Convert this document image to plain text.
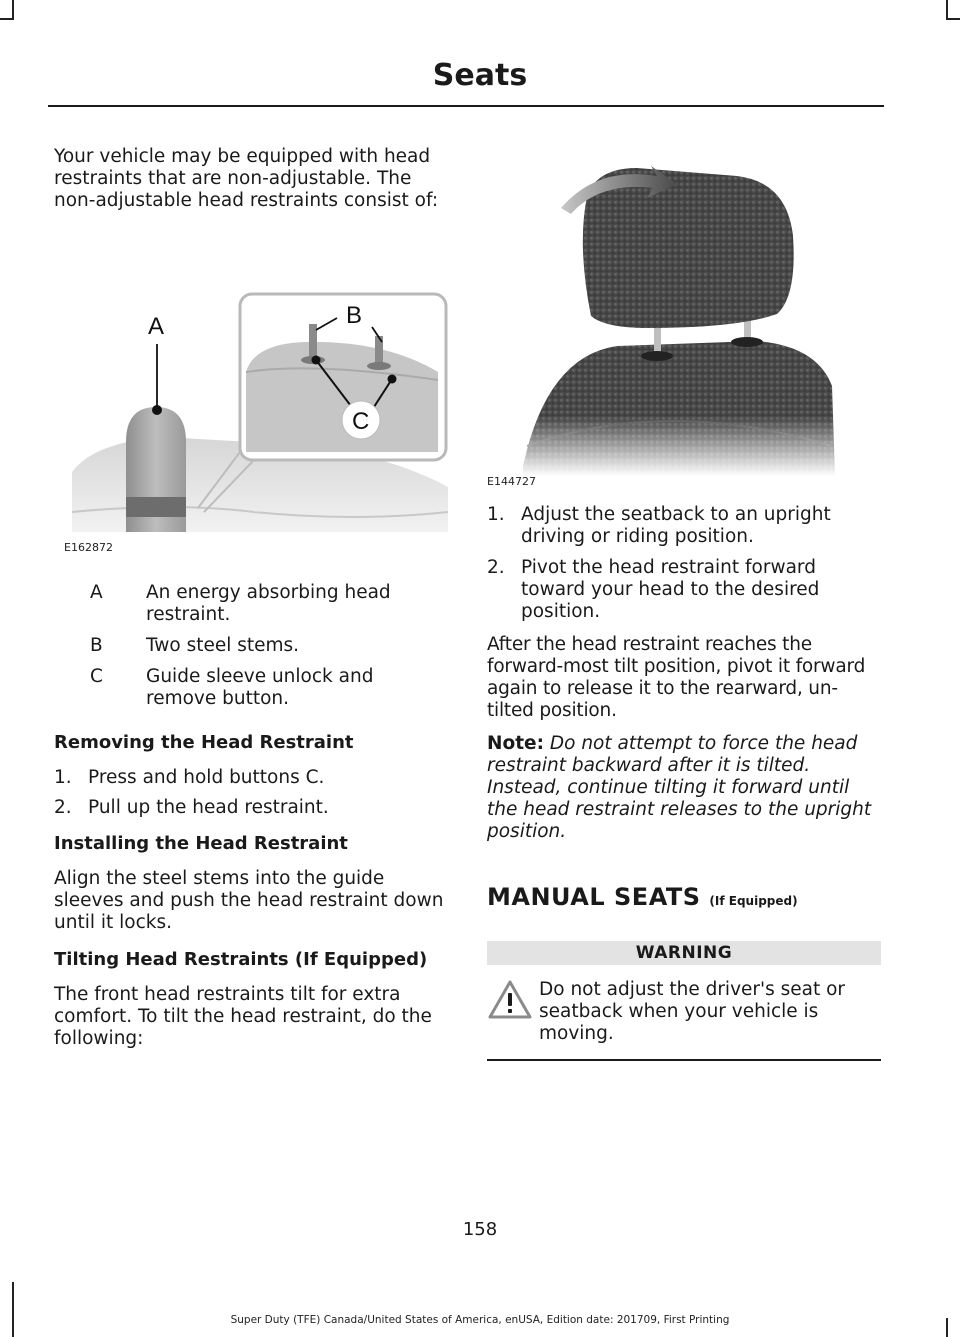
Seats

Your vehicle may be equipped with head restraints that are non-adjustable. The non-adjustable head restraints consist of:

A	B
C
E162872
A	An energy absorbing head restraint.
B	Two steel stems.
C	Guide sleeve unlock and remove button.
Removing the Head Restraint
1. Press and hold buttons C.
2. Pull up the head restraint.
Installing the Head Restraint

Align the steel stems into the guide sleeves and push the head restraint down until it locks.

Tilting Head Restraints (If Equipped)

The front head restraints tilt for extra comfort. To tilt the head restraint, do the following:

E144727
1. Adjust the seatback to an upright driving or riding position.
2. Pivot the head restraint forward toward your head to the desired position.

After the head restraint reaches the forward-most tilt position, pivot it forward again to release it to the rearward, un-tilted position.

Note: Do not attempt to force the head restraint backward after it is tilted. Instead, continue tilting it forward until the head restraint releases to the upright position.

MANUAL SEATS (If Equipped)
WARNING
Do not adjust the driver's seat or seatback when your vehicle is moving.
158
Super Duty (TFE) Canada/United States of America, enUSA, Edition date: 201709, First Printing
